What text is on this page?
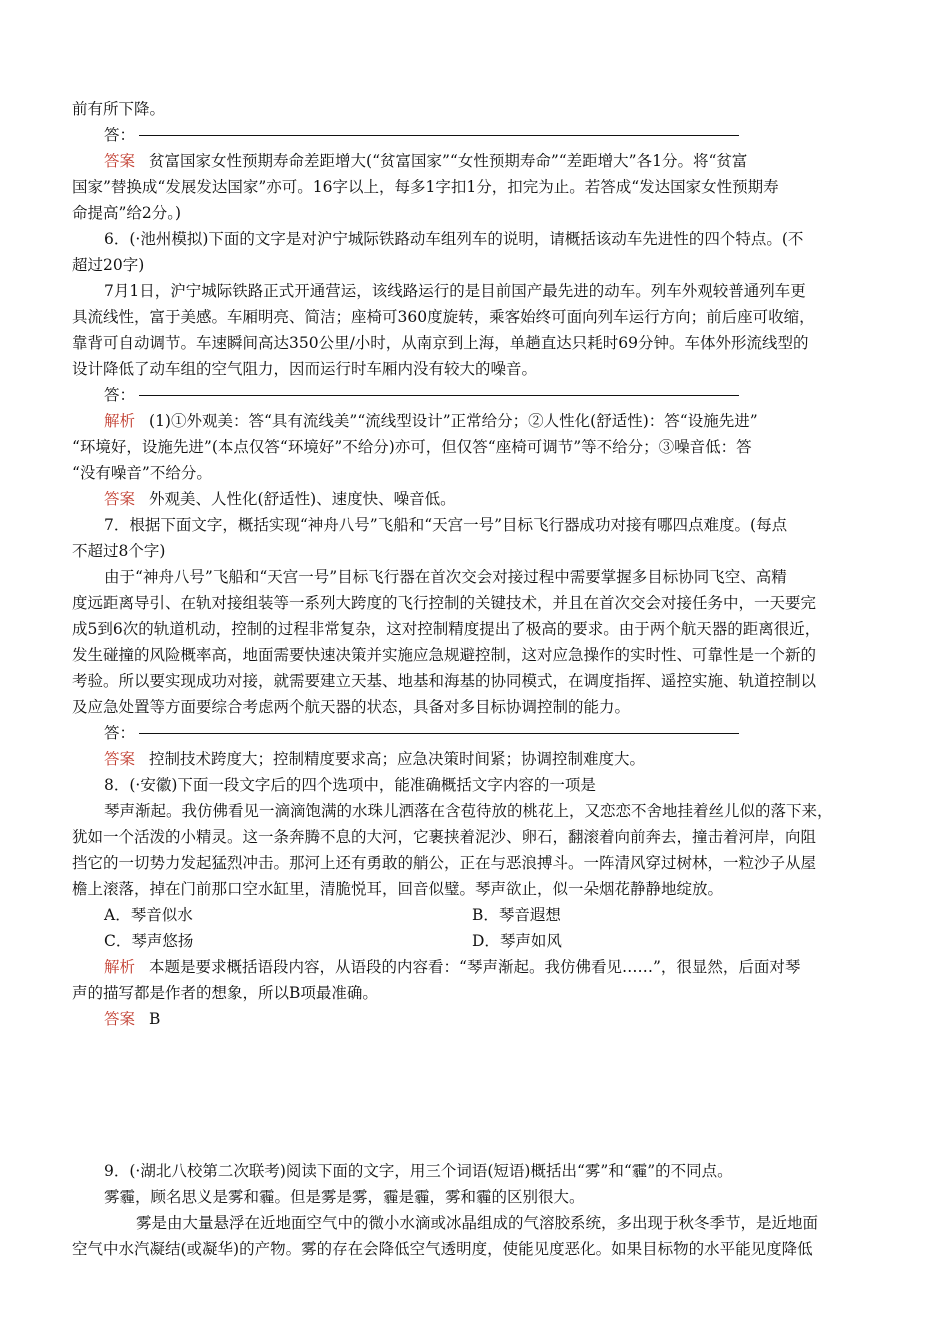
前有所下降。
答：
答案 贫富国家女性预期寿命差距增大(“贫富国家”“女性预期寿命”“差距增大”各1分。将“贫富
国家”替换成“发展发达国家”亦可。16字以上，每多1字扣1分，扣完为止。若答成“发达国家女性预期寿
命提高”给2分。)
6．(·池州模拟)下面的文字是对沪宁城际铁路动车组列车的说明，请概括该动车先进性的四个特点。(不
超过20字)
7月1日，沪宁城际铁路正式开通营运，该线路运行的是目前国产最先进的动车。列车外观较普通列车更
具流线性，富于美感。车厢明亮、简洁；座椅可360度旋转，乘客始终可面向列车运行方向；前后座可收缩，
靠背可自动调节。车速瞬间高达350公里/小时，从南京到上海，单趟直达只耗时69分钟。车体外形流线型的
设计降低了动车组的空气阻力，因而运行时车厢内没有较大的噪音。
答：
解析 (1)①外观美：答“具有流线美”“流线型设计”正常给分；②人性化(舒适性)：答“设施先进”
“环境好，设施先进”(本点仅答“环境好”不给分)亦可，但仅答“座椅可调节”等不给分；③噪音低：答
“没有噪音”不给分。
答案 外观美、人性化(舒适性)、速度快、噪音低。
7．根据下面文字，概括实现“神舟八号”飞船和“天宫一号”目标飞行器成功对接有哪四点难度。(每点
不超过8个字)
由于“神舟八号”飞船和“天宫一号”目标飞行器在首次交会对接过程中需要掌握多目标协同飞空、高精
度远距离导引、在轨对接组装等一系列大跨度的飞行控制的关键技术，并且在首次交会对接任务中，一天要完
成5到6次的轨道机动，控制的过程非常复杂，这对控制精度提出了极高的要求。由于两个航天器的距离很近，
发生碰撞的风险概率高，地面需要快速决策并实施应急规避控制，这对应急操作的实时性、可靠性是一个新的
考验。所以要实现成功对接，就需要建立天基、地基和海基的协同模式，在调度指挥、遥控实施、轨道控制以
及应急处置等方面要综合考虑两个航天器的状态，具备对多目标协调控制的能力。
答：
答案 控制技术跨度大；控制精度要求高；应急决策时间紧；协调控制难度大。
8．(·安徽)下面一段文字后的四个选项中，能准确概括文字内容的一项是
琴声渐起。我仿佛看见一滴滴饱满的水珠儿洒落在含苞待放的桃花上，又恋恋不舍地挂着丝儿似的落下来，
犹如一个活泼的小精灵。这一条奔腾不息的大河，它裹挟着泥沙、卵石，翻滚着向前奔去，撞击着河岸，向阻
挡它的一切势力发起猛烈冲击。那河上还有勇敢的艄公，正在与恶浪搏斗。一阵清风穿过树林，一粒沙子从屋
檐上滚落，掉在门前那口空水缸里，清脆悦耳，回音似璧。琴声欲止，似一朵烟花静静地绽放。
A．琴音似水	B．琴音遐想
C．琴声悠扬	D．琴声如风
解析 本题是要求概括语段内容，从语段的内容看：“琴声渐起。我仿佛看见……”，很显然，后面对琴
声的描写都是作者的想象，所以B项最准确。
答案 B
9．(·湖北八校第二次联考)阅读下面的文字，用三个词语(短语)概括出“雾”和“霾”的不同点。
雾霾，顾名思义是雾和霾。但是雾是雾，霾是霾，雾和霾的区别很大。
雾是由大量悬浮在近地面空气中的微小水滴或冰晶组成的气溶胶系统，多出现于秋冬季节，是近地面
空气中水汽凝结(或凝华)的产物。雾的存在会降低空气透明度，使能见度恶化。如果目标物的水平能见度降低
